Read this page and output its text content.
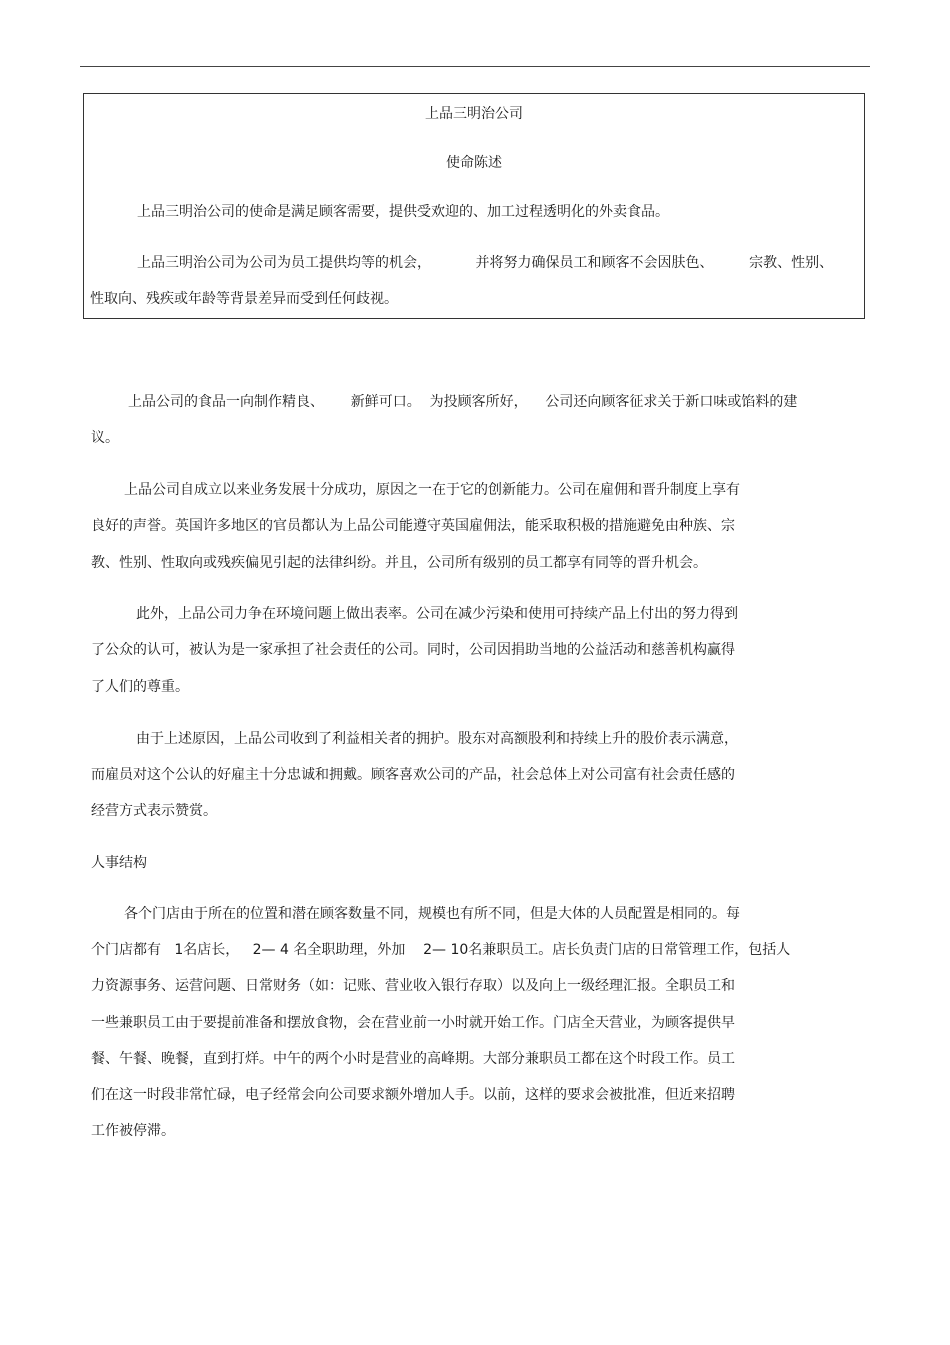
上品三明治公司
使命陈述
上品三明治公司的使命是满足顾客需要，提供受欢迎的、加工过程透明化的外卖食品。
上品三明治公司为公司为员工提供均等的机会，          并将努力确保员工和顾客不会因肤色、        宗教、性别、
性取向、残疾或年龄等背景差异而受到任何歧视。
上品公司的食品一向制作精良、      新鲜可口。  为投顾客所好，    公司还向顾客征求关于新口味或馅料的建
议。
上品公司自成立以来业务发展十分成功，原因之一在于它的创新能力。公司在雇佣和晋升制度上享有
良好的声誉。英国许多地区的官员都认为上品公司能遵守英国雇佣法，能采取积极的措施避免由种族、宗
教、性别、性取向或残疾偏见引起的法律纠纷。并且，公司所有级别的员工都享有同等的晋升机会。
此外，上品公司力争在环境问题上做出表率。公司在减少污染和使用可持续产品上付出的努力得到
了公众的认可，被认为是一家承担了社会责任的公司。同时，公司因捐助当地的公益活动和慈善机构赢得
了人们的尊重。
由于上述原因，上品公司收到了利益相关者的拥护。股东对高额股利和持续上升的股价表示满意，
而雇员对这个公认的好雇主十分忠诚和拥戴。顾客喜欢公司的产品，社会总体上对公司富有社会责任感的
经营方式表示赞赏。
人事结构
各个门店由于所在的位置和潜在顾客数量不同，规模也有所不同，但是大体的人员配置是相同的。每
个门店都有   1名店长，   2— 4 名全职助理，外加    2— 10名兼职员工。店长负责门店的日常管理工作，包括人
力资源事务、运营问题、日常财务（如：记账、营业收入银行存取）以及向上一级经理汇报。全职员工和
一些兼职员工由于要提前准备和摆放食物，会在营业前一小时就开始工作。门店全天营业，为顾客提供早
餐、午餐、晚餐，直到打烊。中午的两个小时是营业的高峰期。大部分兼职员工都在这个时段工作。员工
们在这一时段非常忙碌，电子经常会向公司要求额外增加人手。以前，这样的要求会被批准，但近来招聘
工作被停滞。
